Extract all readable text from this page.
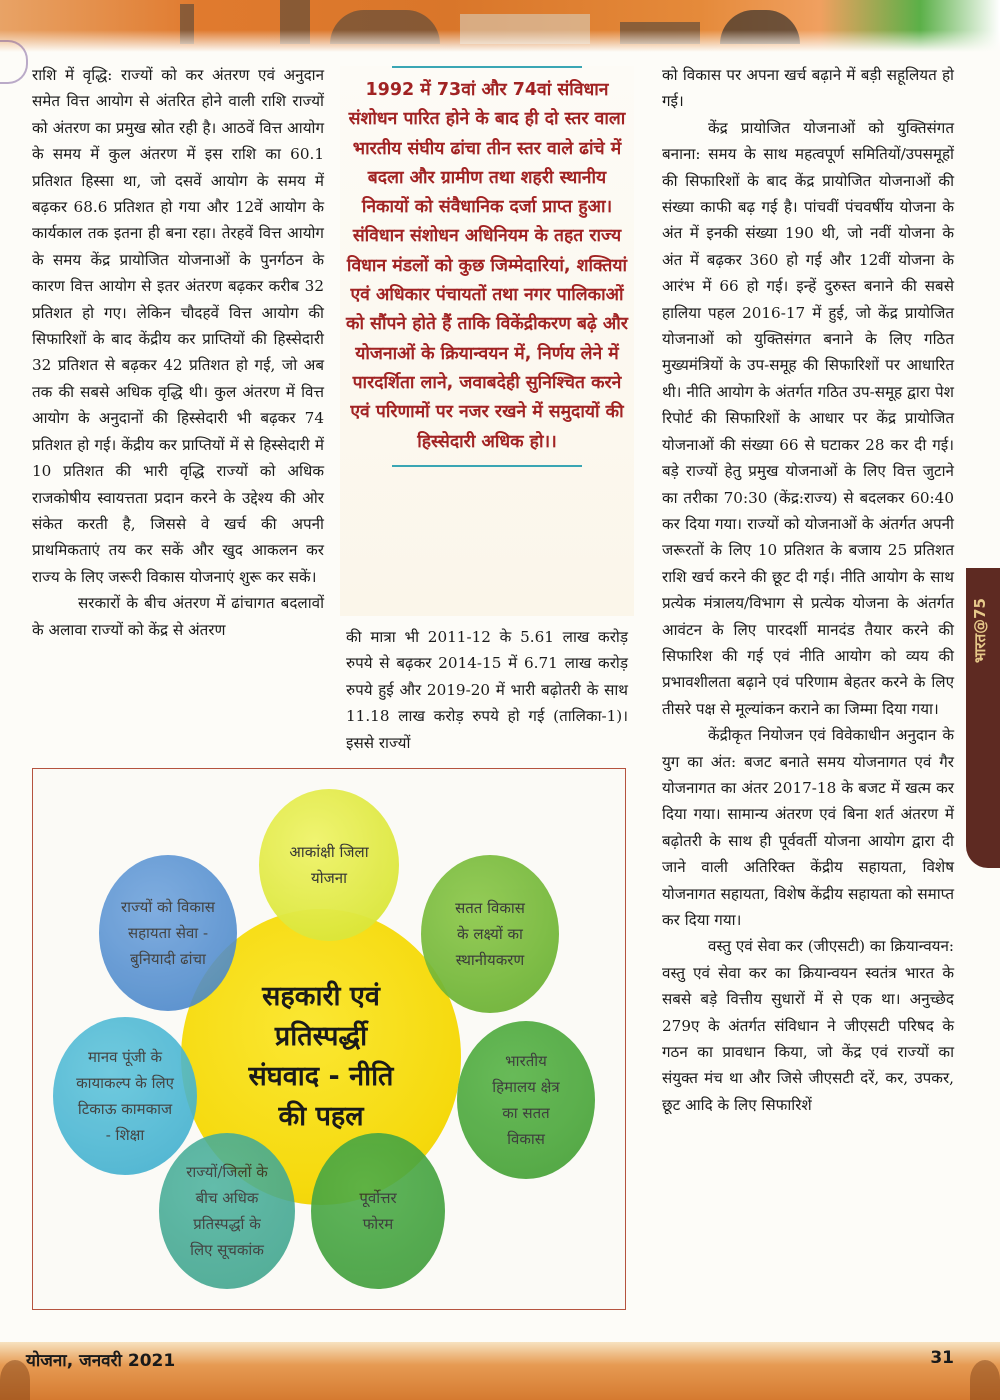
राशि में वृद्धि: राज्यों को कर अंतरण एवं अनुदान समेत वित्त आयोग से अंतरित होने वाली राशि राज्यों को अंतरण का प्रमुख स्रोत रही है। आठवें वित्त आयोग के समय में कुल अंतरण में इस राशि का 60.1 प्रतिशत हिस्सा था, जो दसवें आयोग के समय में बढ़कर 68.6 प्रतिशत हो गया और 12वें आयोग के कार्यकाल तक इतना ही बना रहा। तेरहवें वित्त आयोग के समय केंद्र प्रायोजित योजनाओं के पुनर्गठन के कारण वित्त आयोग से इतर अंतरण बढ़कर करीब 32 प्रतिशत हो गए। लेकिन चौदहवें वित्त आयोग की सिफारिशों के बाद केंद्रीय कर प्राप्तियों की हिस्सेदारी 32 प्रतिशत से बढ़कर 42 प्रतिशत हो गई, जो अब तक की सबसे अधिक वृद्धि थी। कुल अंतरण में वित्त आयोग के अनुदानों की हिस्सेदारी भी बढ़कर 74 प्रतिशत हो गई। केंद्रीय कर प्राप्तियों में से हिस्सेदारी में 10 प्रतिशत की भारी वृद्धि राज्यों को अधिक राजकोषीय स्वायत्तता प्रदान करने के उद्देश्य की ओर संकेत करती है, जिससे वे खर्च की अपनी प्राथमिकताएं तय कर सकें और खुद आकलन कर राज्य के लिए जरूरी विकास योजनाएं शुरू कर सकें।

सरकारों के बीच अंतरण में ढांचागत बदलावों के अलावा राज्यों को केंद्र से अंतरण

1992 में 73वां और 74वां संविधान संशोधन पारित होने के बाद ही दो स्तर वाला भारतीय संघीय ढांचा तीन स्तर वाले ढांचे में बदला और ग्रामीण तथा शहरी स्थानीय निकायों को संवैधानिक दर्जा प्राप्त हुआ। संविधान संशोधन अधिनियम के तहत राज्य विधान मंडलों को कुछ जिम्मेदारियां, शक्तियां एवं अधिकार पंचायतों तथा नगर पालिकाओं को सौंपने होते हैं ताकि विकेंद्रीकरण बढ़े और योजनाओं के क्रियान्वयन में, निर्णय लेने में पारदर्शिता लाने, जवाबदेही सुनिश्चित करने एवं परिणामों पर नजर रखने में समुदायों की हिस्सेदारी अधिक हो।।

की मात्रा भी 2011-12 के 5.61 लाख करोड़ रुपये से बढ़कर 2014-15 में 6.71 लाख करोड़ रुपये हुई और 2019-20 में भारी बढ़ोतरी के साथ 11.18 लाख करोड़ रुपये हो गई (तालिका-1)। इससे राज्यों

को विकास पर अपना खर्च बढ़ाने में बड़ी सहूलियत हो गई।

केंद्र प्रायोजित योजनाओं को युक्तिसंगत बनाना: समय के साथ महत्वपूर्ण समितियों/उपसमूहों की सिफारिशों के बाद केंद्र प्रायोजित योजनाओं की संख्या काफी बढ़ गई है। पांचवीं पंचवर्षीय योजना के अंत में इनकी संख्या 190 थी, जो नवीं योजना के अंत में बढ़कर 360 हो गई और 12वीं योजना के आरंभ में 66 हो गई। इन्हें दुरुस्त बनाने की सबसे हालिया पहल 2016-17 में हुई, जो केंद्र प्रायोजित योजनाओं को युक्तिसंगत बनाने के लिए गठित मुख्यमंत्रियों के उप-समूह की सिफारिशों पर आधारित थी। नीति आयोग के अंतर्गत गठित उप-समूह द्वारा पेश रिपोर्ट की सिफारिशों के आधार पर केंद्र प्रायोजित योजनाओं की संख्या 66 से घटाकर 28 कर दी गई। बड़े राज्यों हेतु प्रमुख योजनाओं के लिए वित्त जुटाने का तरीका 70:30 (केंद्र:राज्य) से बदलकर 60:40 कर दिया गया। राज्यों को योजनाओं के अंतर्गत अपनी जरूरतों के लिए 10 प्रतिशत के बजाय 25 प्रतिशत राशि खर्च करने की छूट दी गई। नीति आयोग के साथ प्रत्येक मंत्रालय/विभाग से प्रत्येक योजना के अंतर्गत आवंटन के लिए पारदर्शी मानदंड तैयार करने की सिफारिश की गई एवं नीति आयोग को व्यय की प्रभावशीलता बढ़ाने एवं परिणाम बेहतर करने के लिए तीसरे पक्ष से मूल्यांकन कराने का जिम्मा दिया गया।

केंद्रीकृत नियोजन एवं विवेकाधीन अनुदान के युग का अंत: बजट बनाते समय योजनागत एवं गैर योजनागत का अंतर 2017-18 के बजट में खत्म कर दिया गया। सामान्य अंतरण एवं बिना शर्त अंतरण में बढ़ोतरी के साथ ही पूर्ववर्ती योजना आयोग द्वारा दी जाने वाली अतिरिक्त केंद्रीय सहायता, विशेष योजनागत सहायता, विशेष केंद्रीय सहायता को समाप्त कर दिया गया।

वस्तु एवं सेवा कर (जीएसटी) का क्रियान्वयन: वस्तु एवं सेवा कर का क्रियान्वयन स्वतंत्र भारत के सबसे बड़े वित्तीय सुधारों में से एक था। अनुच्छेद 279ए के अंतर्गत संविधान ने जीएसटी परिषद के गठन का प्रावधान किया, जो केंद्र एवं राज्यों का संयुक्त मंच था और जिसे जीएसटी दरें, कर, उपकर, छूट आदि के लिए सिफारिशें

सहकारी एवं
प्रतिस्पर्द्धी
संघवाद - नीति
की पहल
आकांक्षी जिला
योजना
राज्यों को विकास
सहायता सेवा -
बुनियादी ढांचा
सतत विकास
के लक्ष्यों का
स्थानीयकरण
मानव पूंजी के
कायाकल्प के लिए
टिकाऊ कामकाज
- शिक्षा
भारतीय
हिमालय क्षेत्र
का सतत
विकास
राज्यों/जिलों के
बीच अधिक
प्रतिस्पर्द्धा के
लिए सूचकांक
पूर्वोत्तर
फोरम
भारत@75
योजना, जनवरी 2021	31
